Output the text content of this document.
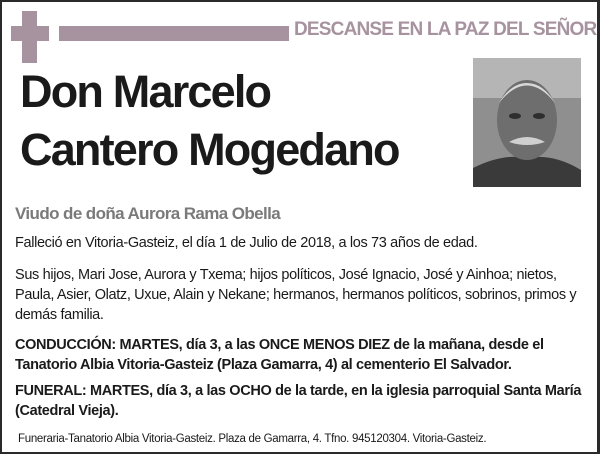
DESCANSE EN LA PAZ DEL SEÑOR
Don Marcelo
Cantero Mogedano
Viudo de doña Aurora Rama Obella
Falleció en Vitoria-Gasteiz, el día 1 de Julio de 2018, a los 73 años de edad.
Sus hijos, Mari Jose, Aurora y Txema; hijos políticos, José Ignacio, José y Ainhoa; nietos, Paula, Asier, Olatz, Uxue, Alain y Nekane; hermanos, hermanos políticos, sobrinos, primos y demás familia.
CONDUCCIÓN: MARTES, día 3, a las ONCE MENOS DIEZ de la mañana, desde el Tanatorio Albia Vitoria-Gasteiz (Plaza Gamarra, 4) al cementerio El Salvador.
FUNERAL: MARTES, día 3, a las OCHO de la tarde, en la iglesia parroquial Santa María (Catedral Vieja).
Funeraria-Tanatorio Albia Vitoria-Gasteiz. Plaza de Gamarra, 4. Tfno. 945120304. Vitoria-Gasteiz.
